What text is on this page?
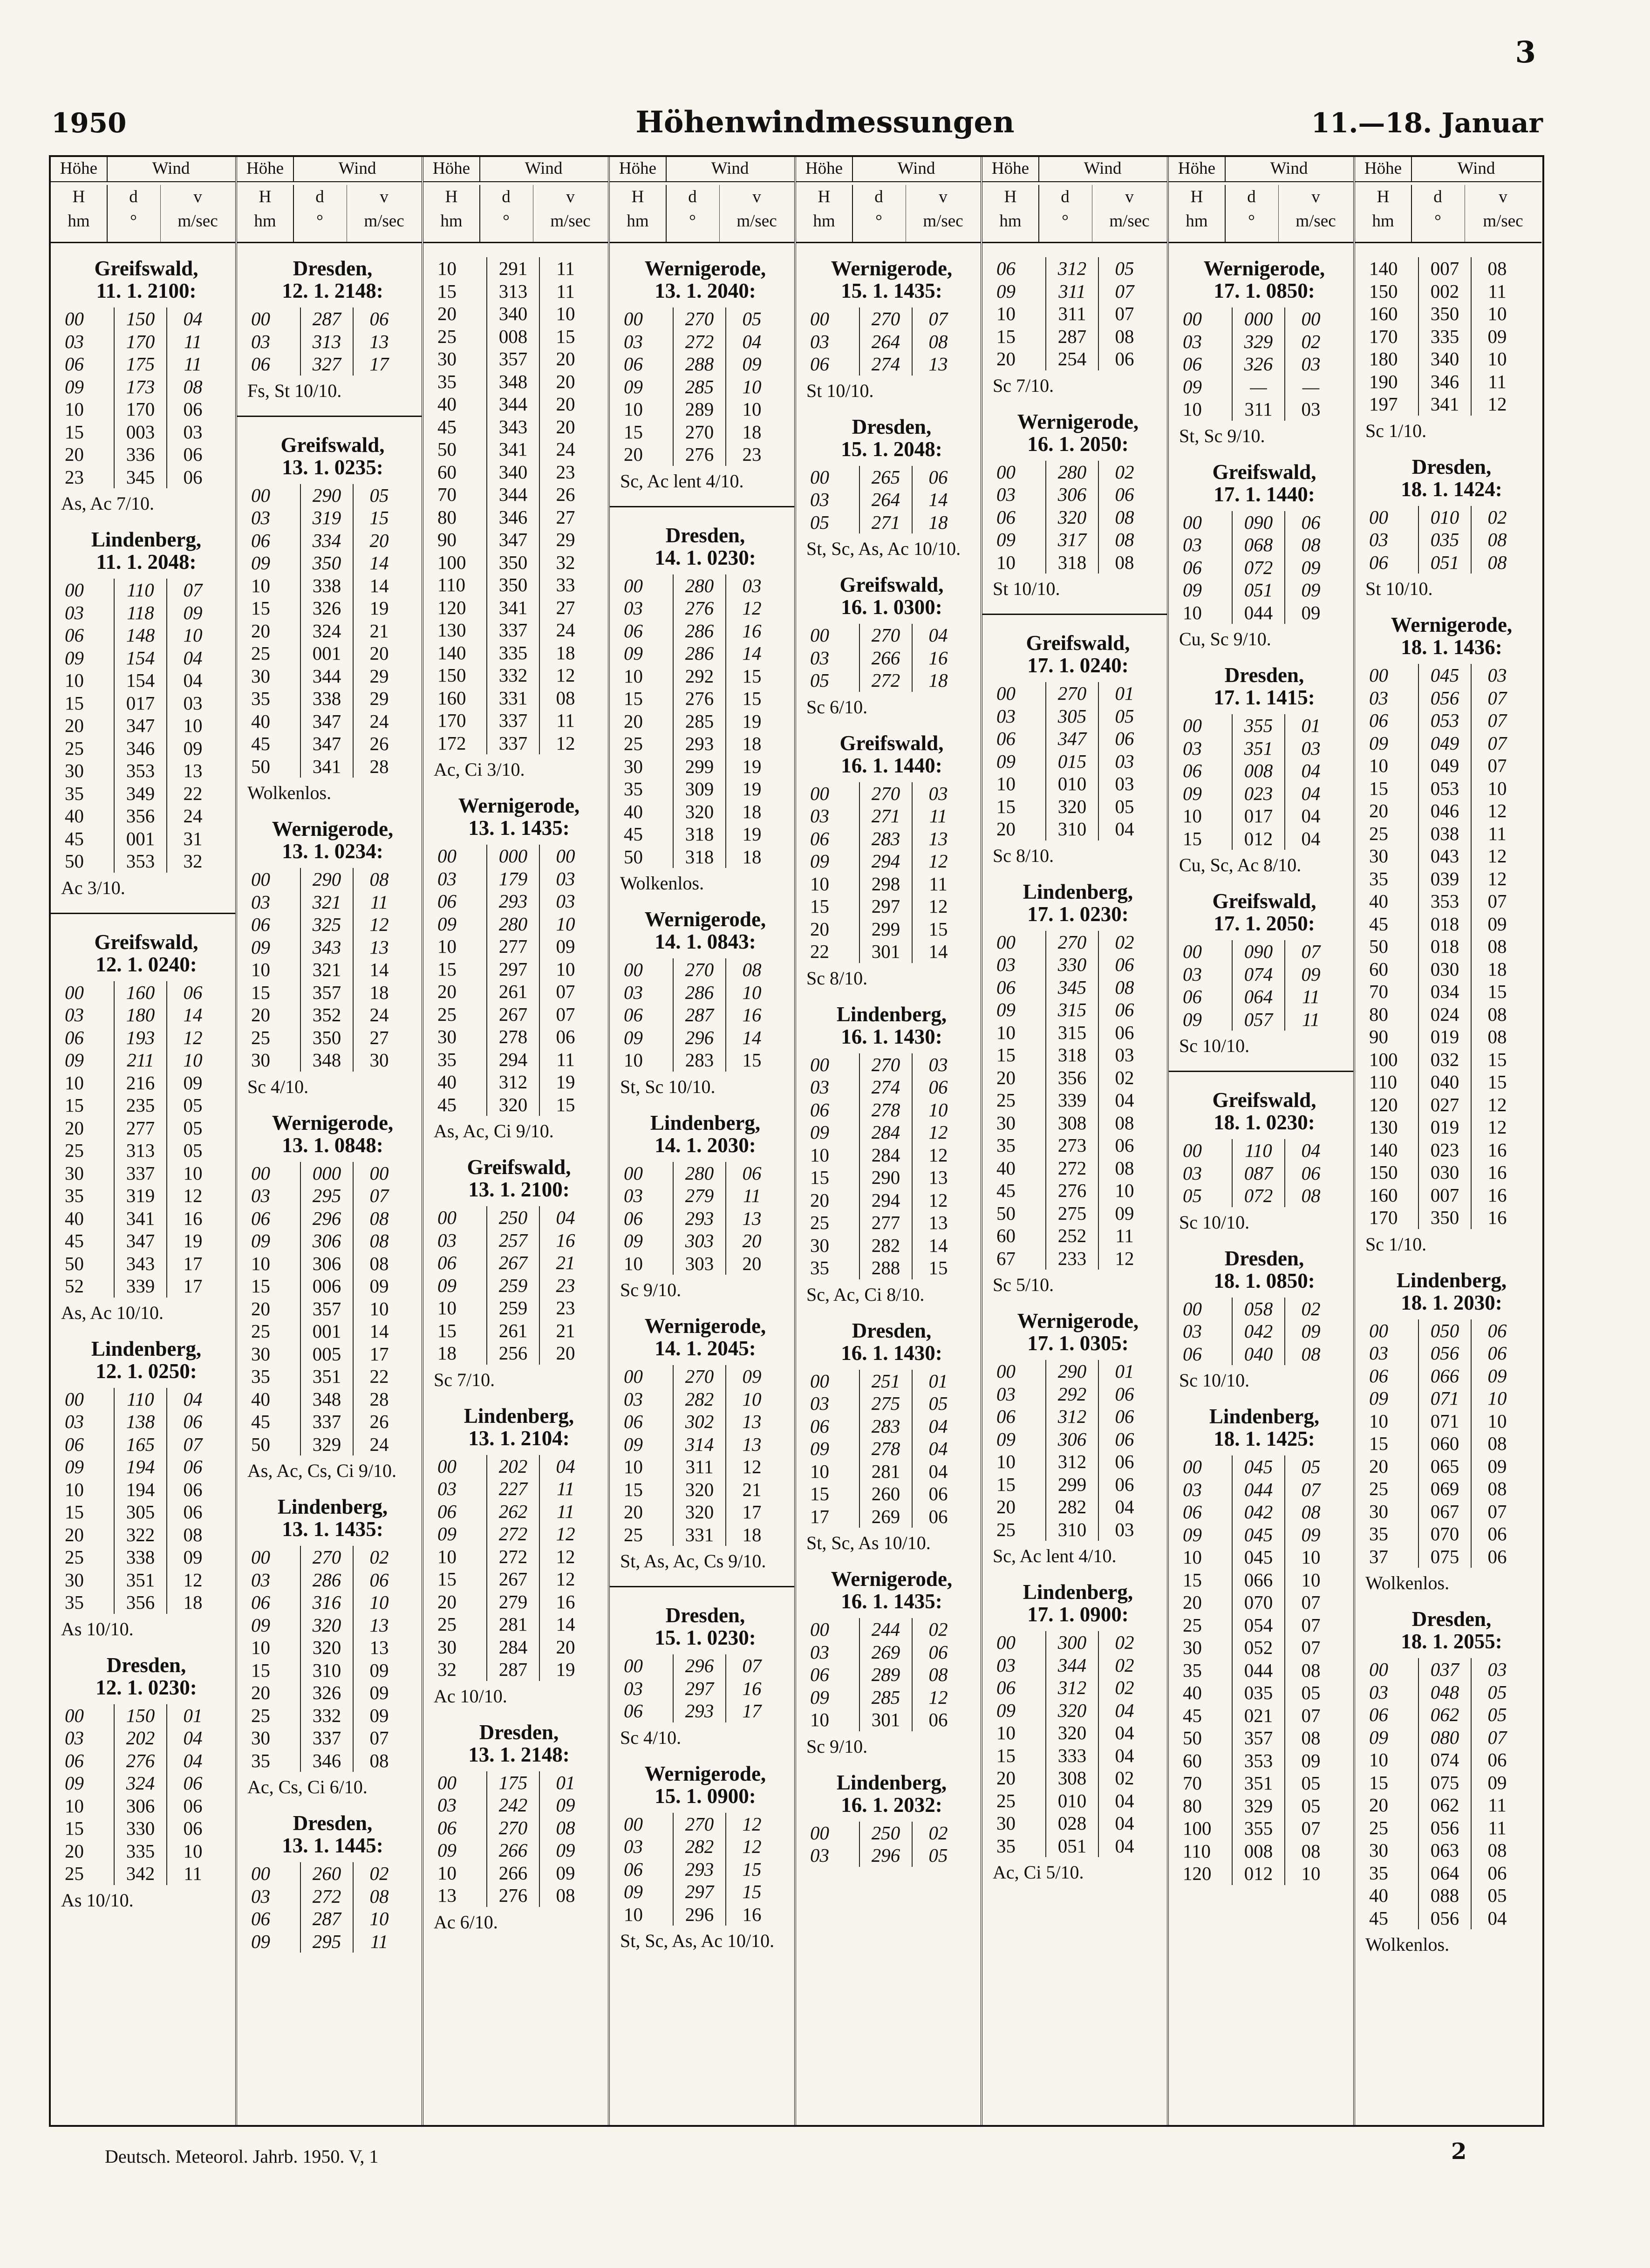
3
1950	Höhenwindmessungen	11.—18. Januar
Höhe	Wind
H
hm
d
°
v
m/sec
Greifswald,
11. 1. 2100:
00	150	04
03	170	11
06	175	11
09	173	08
10	170	06
15	003	03
20	336	06
23	345	06
As, Ac 7/10.
Lindenberg,
11. 1. 2048:
00	110	07
03	118	09
06	148	10
09	154	04
10	154	04
15	017	03
20	347	10
25	346	09
30	353	13
35	349	22
40	356	24
45	001	31
50	353	32
Ac 3/10.
Greifswald,
12. 1. 0240:
00	160	06
03	180	14
06	193	12
09	211	10
10	216	09
15	235	05
20	277	05
25	313	05
30	337	10
35	319	12
40	341	16
45	347	19
50	343	17
52	339	17
As, Ac 10/10.
Lindenberg,
12. 1. 0250:
00	110	04
03	138	06
06	165	07
09	194	06
10	194	06
15	305	06
20	322	08
25	338	09
30	351	12
35	356	18
As 10/10.
Dresden,
12. 1. 0230:
00	150	01
03	202	04
06	276	04
09	324	06
10	306	06
15	330	06
20	335	10
25	342	11
As 10/10.
Höhe	Wind
H
hm
d
°
v
m/sec
Dresden,
12. 1. 2148:
00	287	06
03	313	13
06	327	17
Fs, St 10/10.
Greifswald,
13. 1. 0235:
00	290	05
03	319	15
06	334	20
09	350	14
10	338	14
15	326	19
20	324	21
25	001	20
30	344	29
35	338	29
40	347	24
45	347	26
50	341	28
Wolkenlos.
Wernigerode,
13. 1. 0234:
00	290	08
03	321	11
06	325	12
09	343	13
10	321	14
15	357	18
20	352	24
25	350	27
30	348	30
Sc 4/10.
Wernigerode,
13. 1. 0848:
00	000	00
03	295	07
06	296	08
09	306	08
10	306	08
15	006	09
20	357	10
25	001	14
30	005	17
35	351	22
40	348	28
45	337	26
50	329	24
As, Ac, Cs, Ci 9/10.
Lindenberg,
13. 1. 1435:
00	270	02
03	286	06
06	316	10
09	320	13
10	320	13
15	310	09
20	326	09
25	332	09
30	337	07
35	346	08
Ac, Cs, Ci 6/10.
Dresden,
13. 1. 1445:
00	260	02
03	272	08
06	287	10
09	295	11
Höhe	Wind
H
hm
d
°
v
m/sec
10	291	11
15	313	11
20	340	10
25	008	15
30	357	20
35	348	20
40	344	20
45	343	20
50	341	24
60	340	23
70	344	26
80	346	27
90	347	29
100	350	32
110	350	33
120	341	27
130	337	24
140	335	18
150	332	12
160	331	08
170	337	11
172	337	12
Ac, Ci 3/10.
Wernigerode,
13. 1. 1435:
00	000	00
03	179	03
06	293	03
09	280	10
10	277	09
15	297	10
20	261	07
25	267	07
30	278	06
35	294	11
40	312	19
45	320	15
As, Ac, Ci 9/10.
Greifswald,
13. 1. 2100:
00	250	04
03	257	16
06	267	21
09	259	23
10	259	23
15	261	21
18	256	20
Sc 7/10.
Lindenberg,
13. 1. 2104:
00	202	04
03	227	11
06	262	11
09	272	12
10	272	12
15	267	12
20	279	16
25	281	14
30	284	20
32	287	19
Ac 10/10.
Dresden,
13. 1. 2148:
00	175	01
03	242	09
06	270	08
09	266	09
10	266	09
13	276	08
Ac 6/10.
Höhe	Wind
H
hm
d
°
v
m/sec
Wernigerode,
13. 1. 2040:
00	270	05
03	272	04
06	288	09
09	285	10
10	289	10
15	270	18
20	276	23
Sc, Ac lent 4/10.
Dresden,
14. 1. 0230:
00	280	03
03	276	12
06	286	16
09	286	14
10	292	15
15	276	15
20	285	19
25	293	18
30	299	19
35	309	19
40	320	18
45	318	19
50	318	18
Wolkenlos.
Wernigerode,
14. 1. 0843:
00	270	08
03	286	10
06	287	16
09	296	14
10	283	15
St, Sc 10/10.
Lindenberg,
14. 1. 2030:
00	280	06
03	279	11
06	293	13
09	303	20
10	303	20
Sc 9/10.
Wernigerode,
14. 1. 2045:
00	270	09
03	282	10
06	302	13
09	314	13
10	311	12
15	320	21
20	320	17
25	331	18
St, As, Ac, Cs 9/10.
Dresden,
15. 1. 0230:
00	296	07
03	297	16
06	293	17
Sc 4/10.
Wernigerode,
15. 1. 0900:
00	270	12
03	282	12
06	293	15
09	297	15
10	296	16
St, Sc, As, Ac 10/10.
Höhe	Wind
H
hm
d
°
v
m/sec
Wernigerode,
15. 1. 1435:
00	270	07
03	264	08
06	274	13
St 10/10.
Dresden,
15. 1. 2048:
00	265	06
03	264	14
05	271	18
St, Sc, As, Ac 10/10.
Greifswald,
16. 1. 0300:
00	270	04
03	266	16
05	272	18
Sc 6/10.
Greifswald,
16. 1. 1440:
00	270	03
03	271	11
06	283	13
09	294	12
10	298	11
15	297	12
20	299	15
22	301	14
Sc 8/10.
Lindenberg,
16. 1. 1430:
00	270	03
03	274	06
06	278	10
09	284	12
10	284	12
15	290	13
20	294	12
25	277	13
30	282	14
35	288	15
Sc, Ac, Ci 8/10.
Dresden,
16. 1. 1430:
00	251	01
03	275	05
06	283	04
09	278	04
10	281	04
15	260	06
17	269	06
St, Sc, As 10/10.
Wernigerode,
16. 1. 1435:
00	244	02
03	269	06
06	289	08
09	285	12
10	301	06
Sc 9/10.
Lindenberg,
16. 1. 2032:
00	250	02
03	296	05
Höhe	Wind
H
hm
d
°
v
m/sec
06	312	05
09	311	07
10	311	07
15	287	08
20	254	06
Sc 7/10.
Wernigerode,
16. 1. 2050:
00	280	02
03	306	06
06	320	08
09	317	08
10	318	08
St 10/10.
Greifswald,
17. 1. 0240:
00	270	01
03	305	05
06	347	06
09	015	03
10	010	03
15	320	05
20	310	04
Sc 8/10.
Lindenberg,
17. 1. 0230:
00	270	02
03	330	06
06	345	08
09	315	06
10	315	06
15	318	03
20	356	02
25	339	04
30	308	08
35	273	06
40	272	08
45	276	10
50	275	09
60	252	11
67	233	12
Sc 5/10.
Wernigerode,
17. 1. 0305:
00	290	01
03	292	06
06	312	06
09	306	06
10	312	06
15	299	06
20	282	04
25	310	03
Sc, Ac lent 4/10.
Lindenberg,
17. 1. 0900:
00	300	02
03	344	02
06	312	02
09	320	04
10	320	04
15	333	04
20	308	02
25	010	04
30	028	04
35	051	04
Ac, Ci 5/10.
Höhe	Wind
H
hm
d
°
v
m/sec
Wernigerode,
17. 1. 0850:
00	000	00
03	329	02
06	326	03
09	—	—
10	311	03
St, Sc 9/10.
Greifswald,
17. 1. 1440:
00	090	06
03	068	08
06	072	09
09	051	09
10	044	09
Cu, Sc 9/10.
Dresden,
17. 1. 1415:
00	355	01
03	351	03
06	008	04
09	023	04
10	017	04
15	012	04
Cu, Sc, Ac 8/10.
Greifswald,
17. 1. 2050:
00	090	07
03	074	09
06	064	11
09	057	11
Sc 10/10.
Greifswald,
18. 1. 0230:
00	110	04
03	087	06
05	072	08
Sc 10/10.
Dresden,
18. 1. 0850:
00	058	02
03	042	09
06	040	08
Sc 10/10.
Lindenberg,
18. 1. 1425:
00	045	05
03	044	07
06	042	08
09	045	09
10	045	10
15	066	10
20	070	07
25	054	07
30	052	07
35	044	08
40	035	05
45	021	07
50	357	08
60	353	09
70	351	05
80	329	05
100	355	07
110	008	08
120	012	10
Höhe	Wind
H
hm
d
°
v
m/sec
140	007	08
150	002	11
160	350	10
170	335	09
180	340	10
190	346	11
197	341	12
Sc 1/10.
Dresden,
18. 1. 1424:
00	010	02
03	035	08
06	051	08
St 10/10.
Wernigerode,
18. 1. 1436:
00	045	03
03	056	07
06	053	07
09	049	07
10	049	07
15	053	10
20	046	12
25	038	11
30	043	12
35	039	12
40	353	07
45	018	09
50	018	08
60	030	18
70	034	15
80	024	08
90	019	08
100	032	15
110	040	15
120	027	12
130	019	12
140	023	16
150	030	16
160	007	16
170	350	16
Sc 1/10.
Lindenberg,
18. 1. 2030:
00	050	06
03	056	06
06	066	09
09	071	10
10	071	10
15	060	08
20	065	09
25	069	08
30	067	07
35	070	06
37	075	06
Wolkenlos.
Dresden,
18. 1. 2055:
00	037	03
03	048	05
06	062	05
09	080	07
10	074	06
15	075	09
20	062	11
25	056	11
30	063	08
35	064	06
40	088	05
45	056	04
Wolkenlos.
Deutsch. Meteorol. Jahrb. 1950. V, 1	2
